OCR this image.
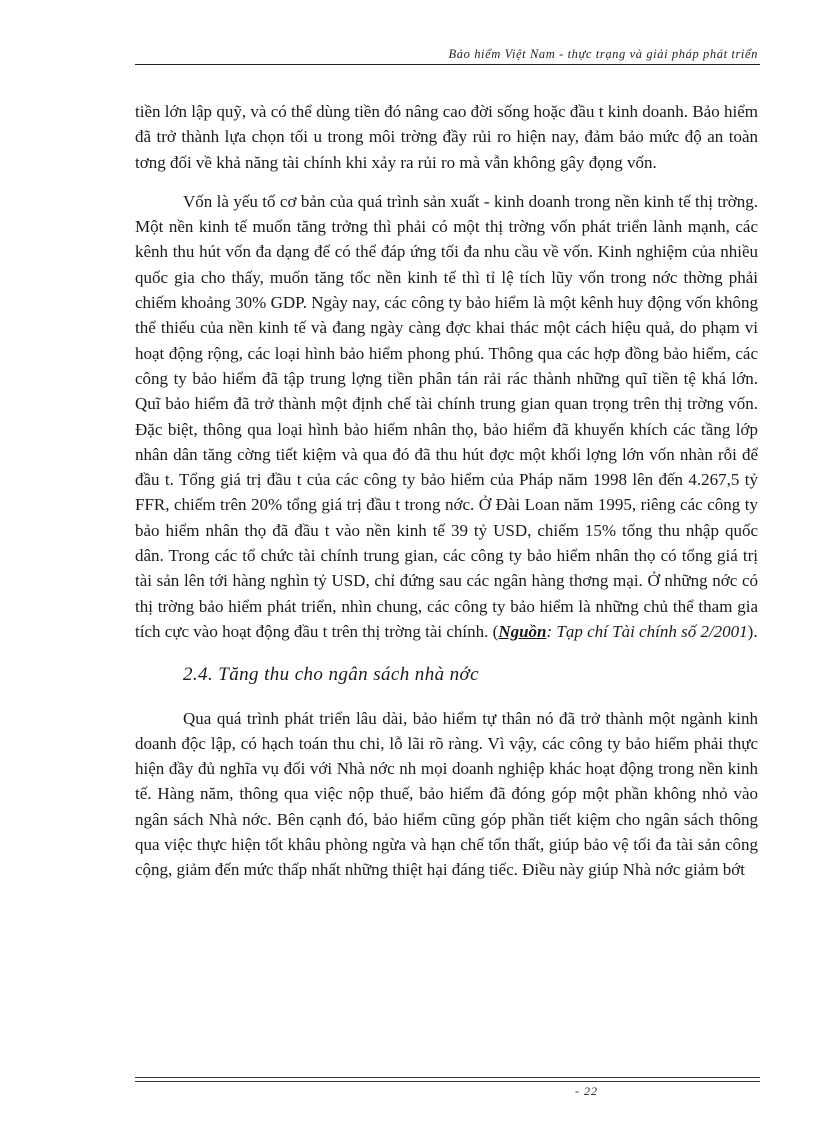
Bảo hiểm Việt Nam - thực trạng và giải pháp phát triển

tiền lớn lập quỹ, và có thể dùng tiền đó nâng cao đời sống hoặc đầu t kinh doanh. Bảo hiểm đã trở thành lựa chọn tối u trong môi trờng đầy rủi ro hiện nay, đảm bảo mức độ an toàn tơng đối về khả năng tài chính khi xảy ra rủi ro mà vẫn không gây đọng vốn.

Vốn là yếu tố cơ bản của quá trình sản xuất - kinh doanh trong nền kinh tế thị trờng. Một nền kinh tế muốn tăng trởng thì phải có một thị trờng vốn phát triển lành mạnh, các kênh thu hút vốn đa dạng để có thể đáp ứng tối đa nhu cầu về vốn. Kinh nghiệm của nhiều quốc gia cho thấy, muốn tăng tốc nền kinh tế thì tỉ lệ tích lũy vốn trong nớc thờng phải chiếm khoảng 30% GDP. Ngày nay, các công ty bảo hiểm là một kênh huy động vốn không thể thiếu của nền kinh tế và đang ngày càng đợc khai thác một cách hiệu quả, do phạm vi hoạt động rộng, các loại hình bảo hiểm phong phú. Thông qua các hợp đồng bảo hiểm, các công ty bảo hiểm đã tập trung lợng tiền phân tán rải rác thành những quĩ tiền tệ khá lớn. Quĩ bảo hiểm đã trở thành một định chế tài chính trung gian quan trọng trên thị trờng vốn. Đặc biệt, thông qua loại hình bảo hiểm nhân thọ, bảo hiểm đã khuyến khích các tầng lớp nhân dân tăng cờng tiết kiệm và qua đó đã thu hút đợc một khối lợng lớn vốn nhàn rỗi để đầu t. Tổng giá trị đầu t của các công ty bảo hiểm của Pháp năm 1998 lên đến 4.267,5 tỷ FFR, chiếm trên 20% tổng giá trị đầu t trong nớc. Ở Đài Loan năm 1995, riêng các công ty bảo hiểm nhân thọ đã đầu t vào nền kinh tế 39 tỷ USD, chiếm 15% tổng thu nhập quốc dân. Trong các tổ chức tài chính trung gian, các công ty bảo hiểm nhân thọ có tổng giá trị tài sản lên tới hàng nghìn tỷ USD, chỉ đứng sau các ngân hàng thơng mại. Ở những nớc có thị trờng bảo hiểm phát triển, nhìn chung, các công ty bảo hiểm là những chủ thể tham gia tích cực vào hoạt động đầu t trên thị trờng tài chính. (Nguồn: Tạp chí Tài chính số 2/2001).

2.4. Tăng thu cho ngân sách nhà nớc

Qua quá trình phát triển lâu dài, bảo hiểm tự thân nó đã trở thành một ngành kinh doanh độc lập, có hạch toán thu chi, lỗ lãi rõ ràng. Vì vậy, các công ty bảo hiểm phải thực hiện đầy đủ nghĩa vụ đối với Nhà nớc nh mọi doanh nghiệp khác hoạt động trong nền kinh tế. Hàng năm, thông qua việc nộp thuế, bảo hiểm đã đóng góp một phần không nhỏ vào ngân sách Nhà nớc. Bên cạnh đó, bảo hiểm cũng góp phần tiết kiệm cho ngân sách thông qua việc thực hiện tốt khâu phòng ngừa và hạn chế tổn thất, giúp bảo vệ tối đa tài sản công cộng, giảm đến mức thấp nhất những thiệt hại đáng tiếc. Điều này giúp Nhà nớc giảm bớt

- 22
